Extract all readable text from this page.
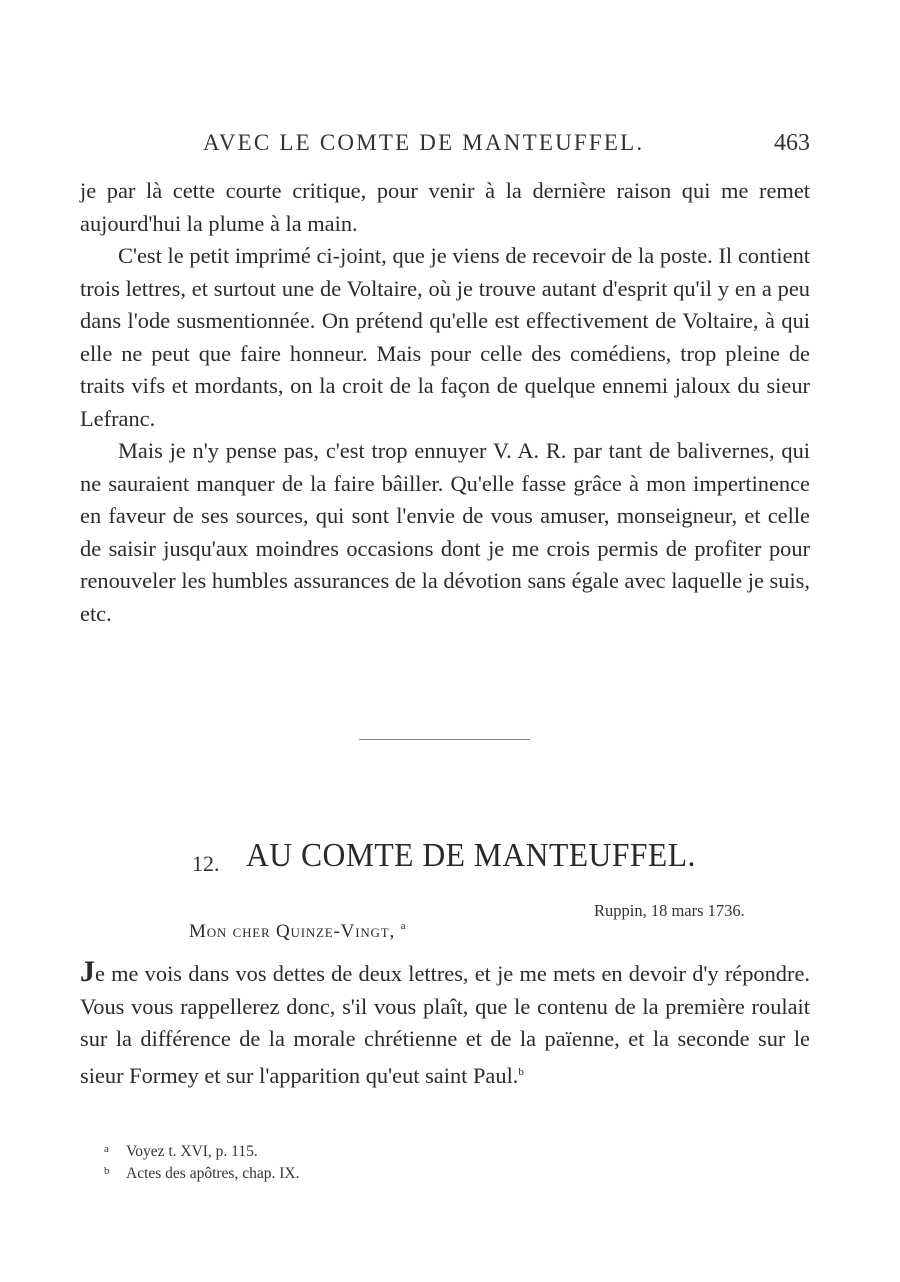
AVEC LE COMTE DE MANTEUFFEL.	463

je par là cette courte critique, pour venir à la dernière raison qui me remet aujourd'hui la plume à la main.

C'est le petit imprimé ci-joint, que je viens de recevoir de la poste. Il contient trois lettres, et surtout une de Voltaire, où je trouve autant d'esprit qu'il y en a peu dans l'ode susmentionnée. On prétend qu'elle est effectivement de Voltaire, à qui elle ne peut que faire honneur. Mais pour celle des comédiens, trop pleine de traits vifs et mordants, on la croit de la façon de quelque ennemi jaloux du sieur Lefranc.

Mais je n'y pense pas, c'est trop ennuyer V. A. R. par tant de balivernes, qui ne sauraient manquer de la faire bâiller. Qu'elle fasse grâce à mon impertinence en faveur de ses sources, qui sont l'envie de vous amuser, monseigneur, et celle de saisir jusqu'aux moindres occasions dont je me crois permis de profiter pour renouveler les humbles assurances de la dévotion sans égale avec laquelle je suis, etc.

12. AU COMTE DE MANTEUFFEL.
Ruppin, 18 mars 1736.
Mon cher Quinze-Vingt, $^a$

Je me vois dans vos dettes de deux lettres, et je me mets en devoir d'y répondre. Vous vous rappellerez donc, s'il vous plaît, que le contenu de la première roulait sur la différence de la morale chrétienne et de la païenne, et la seconde sur le sieur Formey et sur l'apparition qu'eut saint Paul.$^b$

a Voyez t. XVI, p. 115.
b Actes des apôtres, chap. IX.
